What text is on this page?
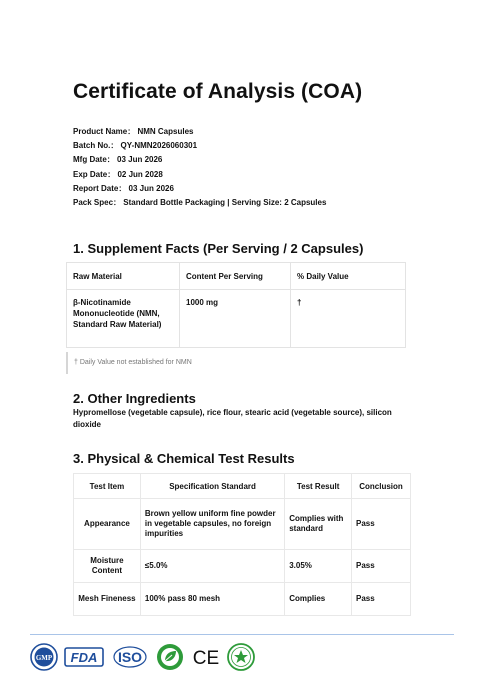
Certificate of Analysis (COA)
Product Name： NMN Capsules
Batch No.： QY-NMN2026060301
Mfg Date： 03 Jun 2026
Exp Date： 02 Jun 2028
Report Date： 03 Jun 2026
Pack Spec： Standard Bottle Packaging | Serving Size: 2 Capsules
1. Supplement Facts (Per Serving / 2 Capsules)
Raw Material	Content Per Serving	% Daily Value

β-Nicotinamide
Mononucleotide (NMN,
Standard Raw Material)	1000 mg	†
† Daily Value not established for NMN
2. Other Ingredients
Hypromellose (vegetable capsule), rice flour, stearic acid (vegetable source), silicon dioxide
3. Physical & Chemical Test Results
Test Item	Specification Standard	Test Result	Conclusion
Appearance	Brown yellow uniform fine powder in vegetable capsules, no foreign impurities	Complies with standard	Pass
Moisture Content	≤5.0%	3.05%	Pass
Mesh Fineness	100% pass 80 mesh	Complies	Pass
GMP FDA ISO	CE
